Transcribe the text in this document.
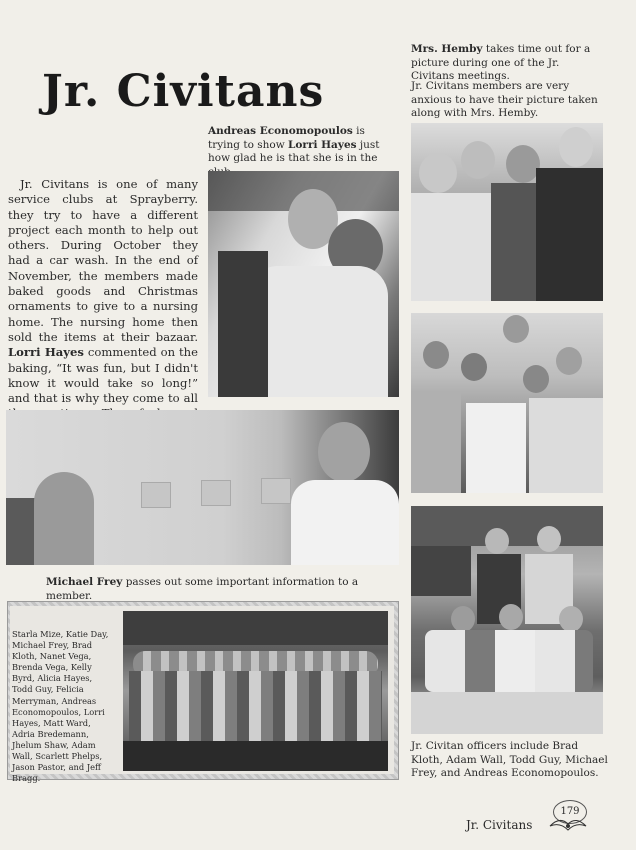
Jr. Civitans
Jr. Civitans is one of many service clubs at Sprayberry. they try to have a different project each month to help out others. During October they had a car wash. In the end of November, the members made baked goods and Christmas ornaments to give to a nursing home. The nursing home then sold the items at their bazaar. Lorri Hayes commented on the baking, “It was fun, but I didn't know it would take so long!” and that is why they come to all
Andreas Economopoulos is trying to show Lorri Hayes just how glad he is that she is in the
Mrs. Hemby takes time out for a picture during one of the Jr. Civitans meetings.
Jr. Civitans members are very anxious to have their picture taken along with Mrs. Hemby.
Michael Frey passes out some important information to a member.
Starla Mize, Katie Day, Michael Frey, Brad Kloth, Nanet Vega, Brenda Vega, Kelly Byrd, Alicia Hayes, Todd Guy, Felicia Merryman, Andreas Economopoulos, Lorri Hayes, Matt Ward, Adria Bredemann, Jhelum Shaw, Adam Wall, Scarlett Phelps, Jason Pastor, and Jeff Bragg.
Jr. Civitan officers include Brad Kloth, Adam Wall, Todd Guy, Michael Frey, and Andreas Economopoulos.
179
Jr. Civitans
